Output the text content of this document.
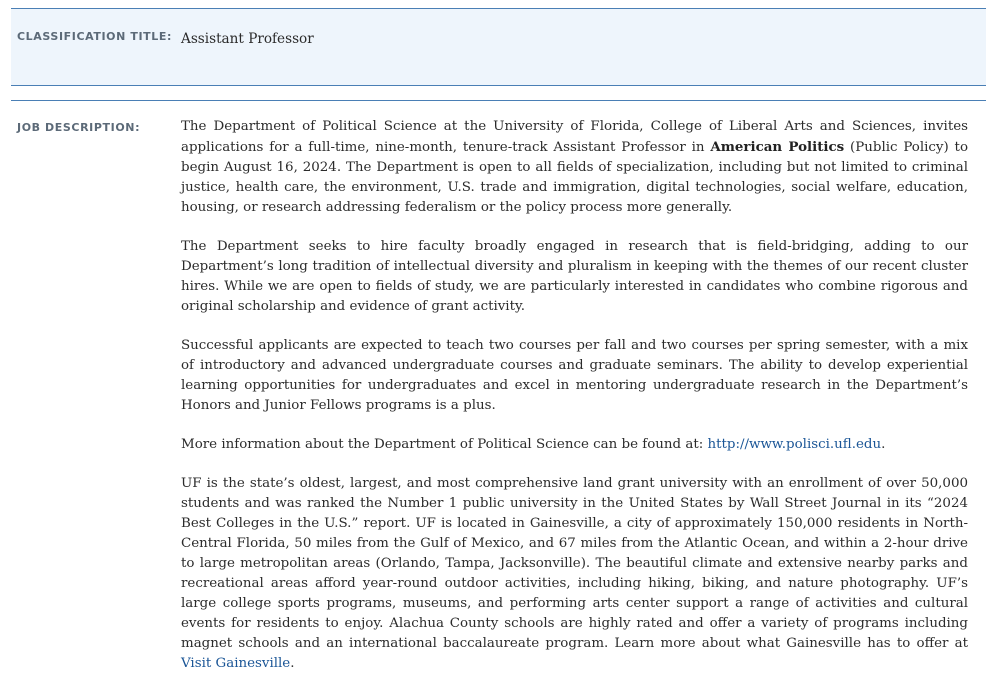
CLASSIFICATION TITLE: Assistant Professor
JOB DESCRIPTION:	The Department of Political Science at the University of Florida, College of Liberal Arts and Sciences, invites applications for a full-time, nine-month, tenure-track Assistant Professor in American Politics (Public Policy) to begin August 16, 2024. The Department is open to all fields of specialization, including but not limited to criminal justice, health care, the environment, U.S. trade and immigration, digital technologies, social welfare, education, housing, or research addressing federalism or the policy process more generally.

The Department seeks to hire faculty broadly engaged in research that is field-bridging, adding to our Department’s long tradition of intellectual diversity and pluralism in keeping with the themes of our recent cluster hires. While we are open to fields of study, we are particularly interested in candidates who combine rigorous and original scholarship and evidence of grant activity.

Successful applicants are expected to teach two courses per fall and two courses per spring semester, with a mix of introductory and advanced undergraduate courses and graduate seminars. The ability to develop experiential learning opportunities for undergraduates and excel in mentoring undergraduate research in the Department’s Honors and Junior Fellows programs is a plus.

More information about the Department of Political Science can be found at: http://www.polisci.ufl.edu.

UF is the state’s oldest, largest, and most comprehensive land grant university with an enrollment of over 50,000 students and was ranked the Number 1 public university in the United States by Wall Street Journal in its “2024 Best Colleges in the U.S.” report. UF is located in Gainesville, a city of approximately 150,000 residents in North-Central Florida, 50 miles from the Gulf of Mexico, and 67 miles from the Atlantic Ocean, and within a 2-hour drive to large metropolitan areas (Orlando, Tampa, Jacksonville). The beautiful climate and extensive nearby parks and recreational areas afford year-round outdoor activities, including hiking, biking, and nature photography. UF’s large college sports programs, museums, and performing arts center support a range of activities and cultural events for residents to enjoy. Alachua County schools are highly rated and offer a variety of programs including magnet schools and an international baccalaureate program. Learn more about what Gainesville has to offer at Visit Gainesville.
